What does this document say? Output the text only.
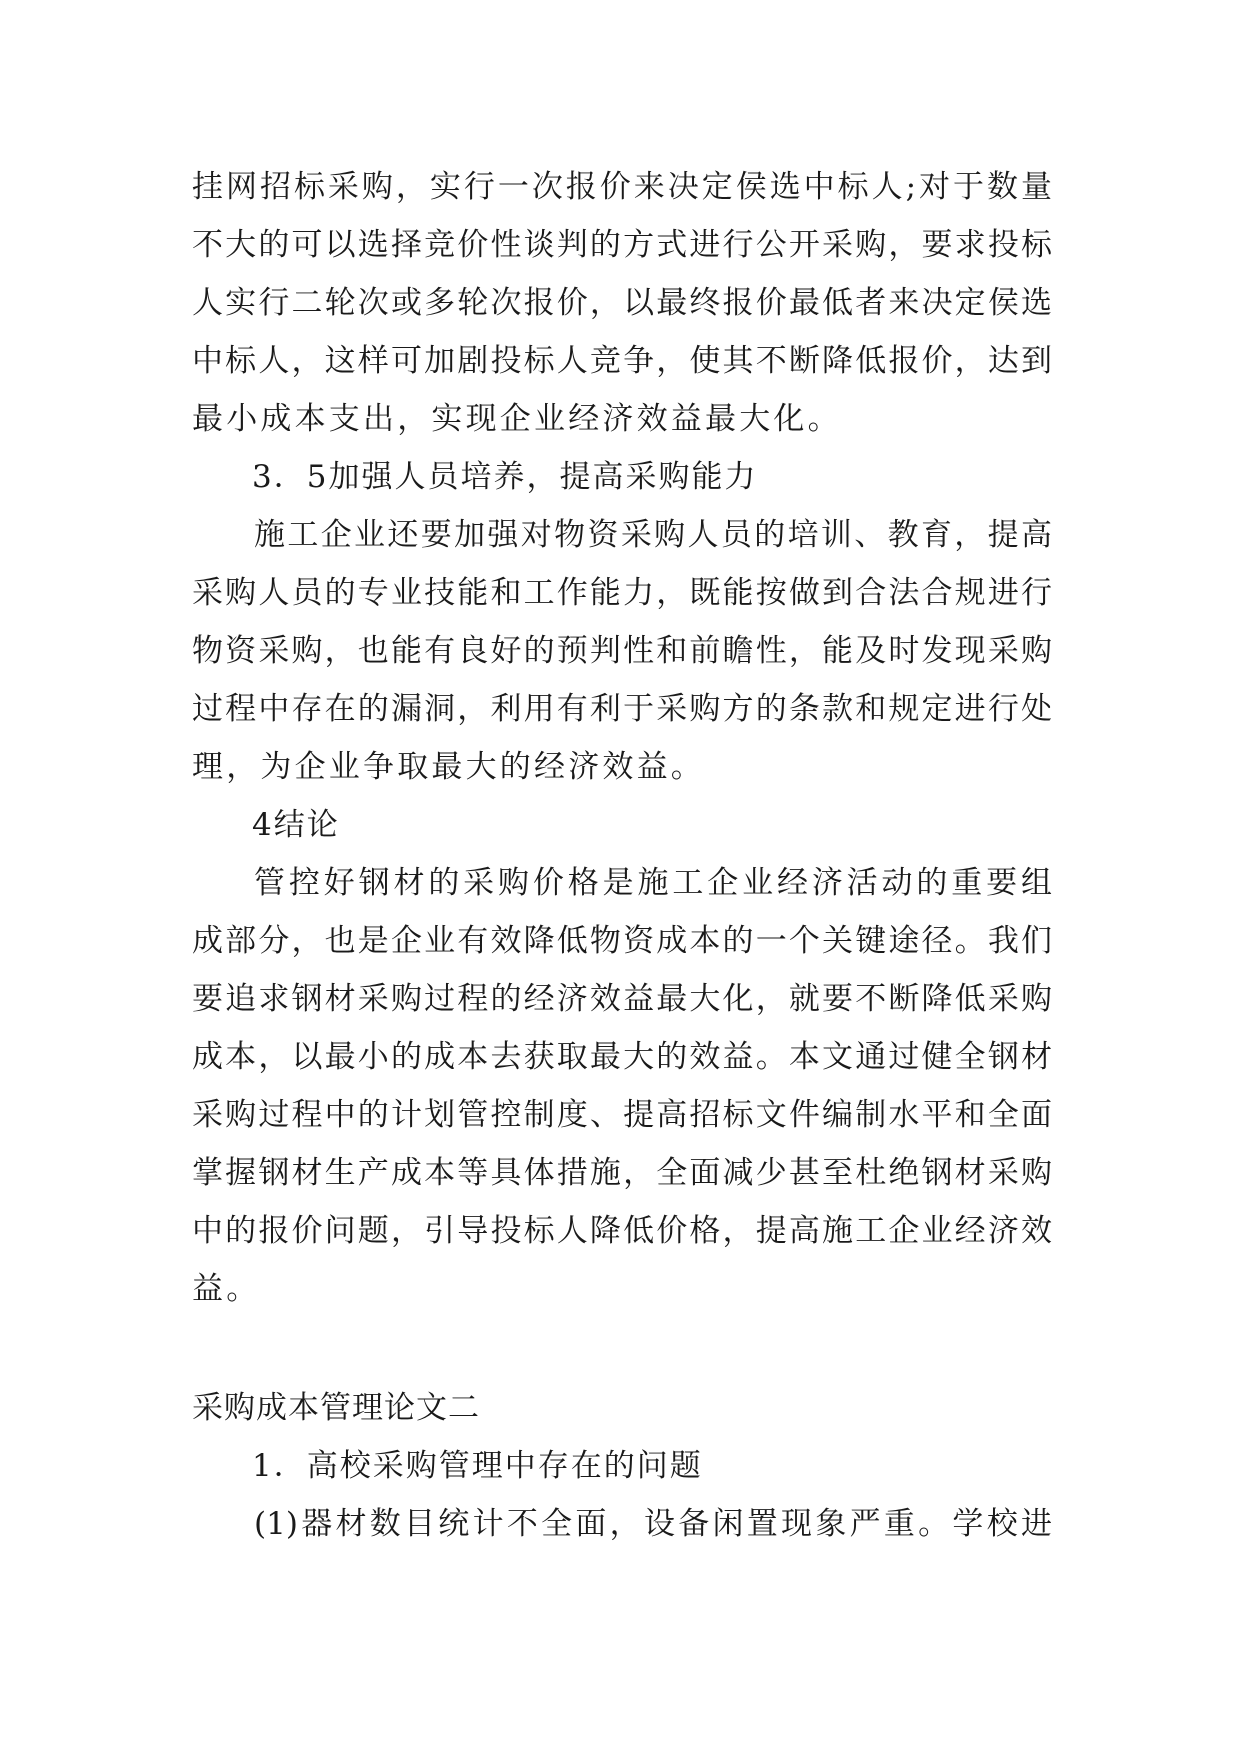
挂网招标采购，实行一次报价来决定侯选中标人;对于数量
不大的可以选择竞价性谈判的方式进行公开采购，要求投标
人实行二轮次或多轮次报价，以最终报价最低者来决定侯选
中标人，这样可加剧投标人竞争，使其不断降低报价，达到
最小成本支出，实现企业经济效益最大化。
3．5加强人员培养，提高采购能力
施工企业还要加强对物资采购人员的培训、教育，提高
采购人员的专业技能和工作能力，既能按做到合法合规进行
物资采购，也能有良好的预判性和前瞻性，能及时发现采购
过程中存在的漏洞，利用有利于采购方的条款和规定进行处
理，为企业争取最大的经济效益。
4结论
管控好钢材的采购价格是施工企业经济活动的重要组
成部分，也是企业有效降低物资成本的一个关键途径。我们
要追求钢材采购过程的经济效益最大化，就要不断降低采购
成本，以最小的成本去获取最大的效益。本文通过健全钢材
采购过程中的计划管控制度、提高招标文件编制水平和全面
掌握钢材生产成本等具体措施，全面减少甚至杜绝钢材采购
中的报价问题，引导投标人降低价格，提高施工企业经济效
益。
采购成本管理论文二
1．高校采购管理中存在的问题
(1)器材数目统计不全面，设备闲置现象严重。学校进
